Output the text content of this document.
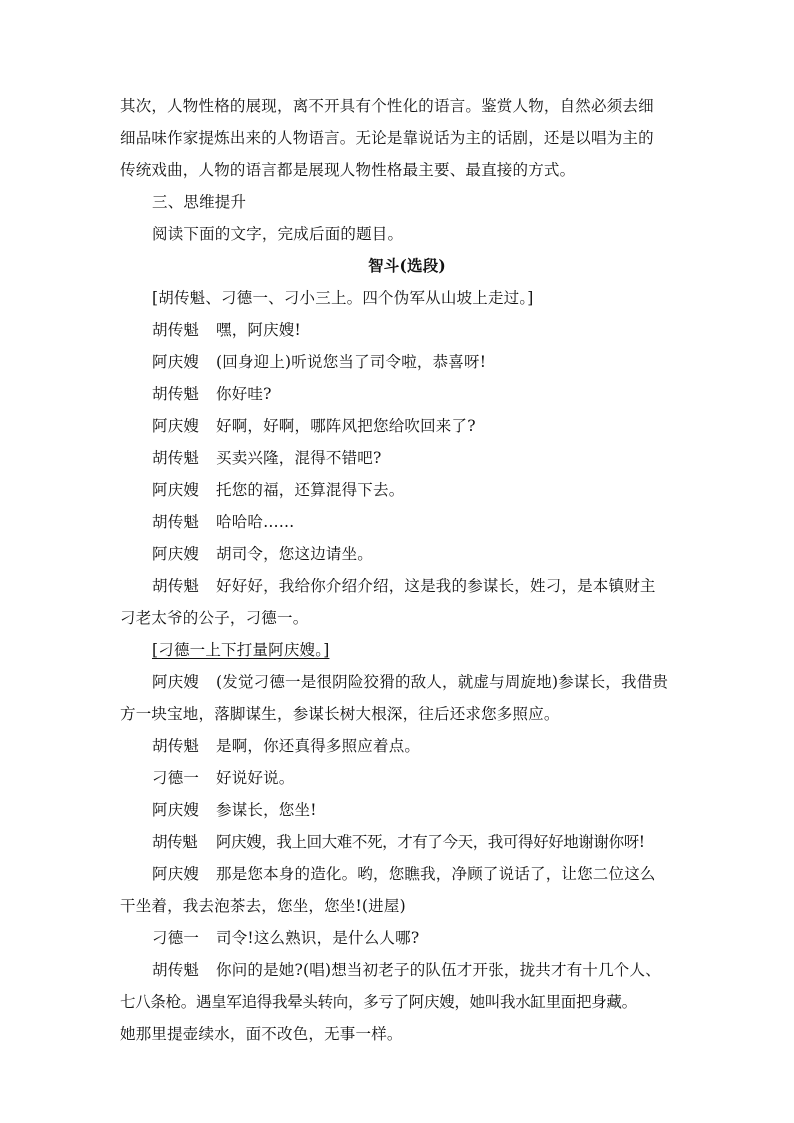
其次，人物性格的展现，离不开具有个性化的语言。鉴赏人物，自然必须去细
细品味作家提炼出来的人物语言。无论是靠说话为主的话剧，还是以唱为主的
传统戏曲，人物的语言都是展现人物性格最主要、最直接的方式。
三、思维提升
阅读下面的文字，完成后面的题目。
智斗(选段)
[胡传魁、刁德一、刁小三上。四个伪军从山坡上走过。]
胡传魁 嘿，阿庆嫂!
阿庆嫂 (回身迎上)听说您当了司令啦，恭喜呀!
胡传魁 你好哇?
阿庆嫂 好啊，好啊，哪阵风把您给吹回来了?
胡传魁 买卖兴隆，混得不错吧?
阿庆嫂 托您的福，还算混得下去。
胡传魁 哈哈哈……
阿庆嫂 胡司令，您这边请坐。
胡传魁 好好好，我给你介绍介绍，这是我的参谋长，姓刁，是本镇财主
刁老太爷的公子，刁德一。
[刁德一上下打量阿庆嫂。]
阿庆嫂 (发觉刁德一是很阴险狡猾的敌人，就虚与周旋地)参谋长，我借贵
方一块宝地，落脚谋生，参谋长树大根深，往后还求您多照应。
胡传魁 是啊，你还真得多照应着点。
刁德一 好说好说。
阿庆嫂 参谋长，您坐!
胡传魁 阿庆嫂，我上回大难不死，才有了今天，我可得好好地谢谢你呀!
阿庆嫂 那是您本身的造化。哟，您瞧我，净顾了说话了，让您二位这么
干坐着，我去泡茶去，您坐，您坐!(进屋)
刁德一 司令!这么熟识，是什么人哪?
胡传魁 你问的是她?(唱)想当初老子的队伍才开张，拢共才有十几个人、
七八条枪。遇皇军追得我晕头转向，多亏了阿庆嫂，她叫我水缸里面把身藏。
她那里提壶续水，面不改色，无事一样。
